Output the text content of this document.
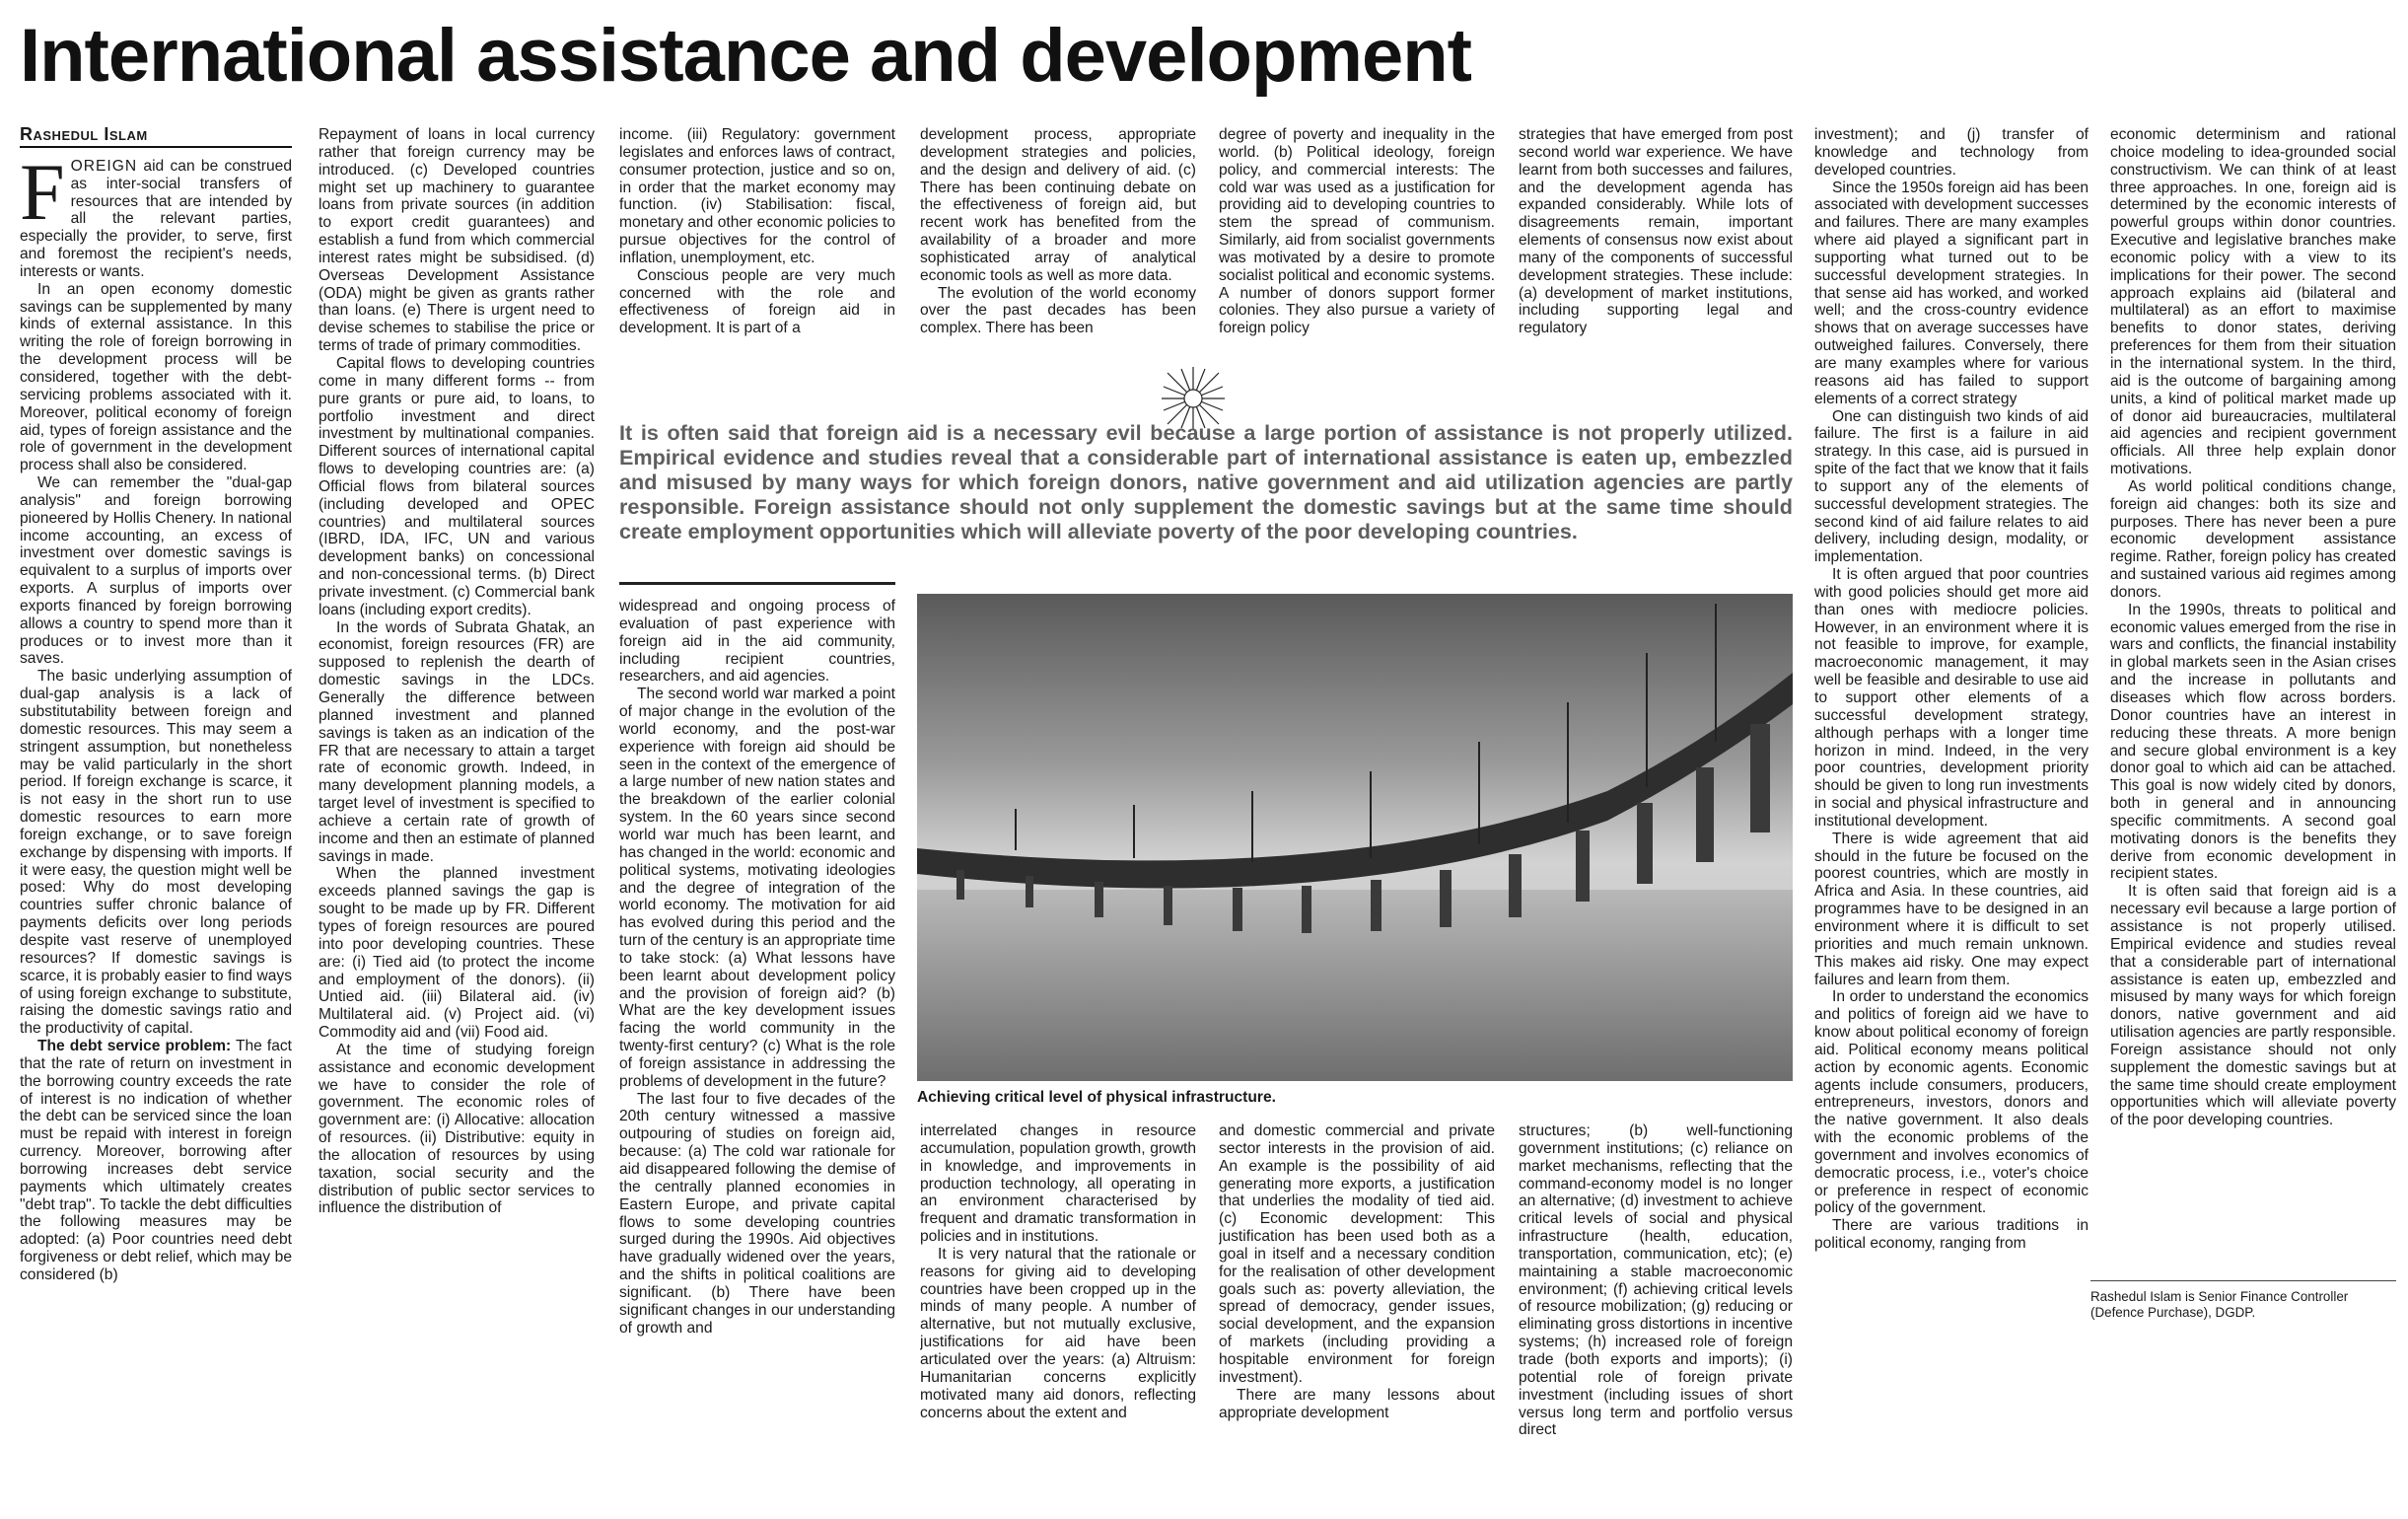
International assistance and development
Rashedul Islam

FOREIGN aid can be construed as inter-social transfers of resources that are intended by all the relevant parties, especially the provider, to serve, first and foremost the recipient's needs, interests or wants.

In an open economy domestic savings can be supplemented by many kinds of external assistance. In this writing the role of foreign borrowing in the development process will be considered, together with the debt-servicing problems associated with it. Moreover, political economy of foreign aid, types of foreign assistance and the role of government in the development process shall also be considered.

We can remember the "dual-gap analysis" and foreign borrowing pioneered by Hollis Chenery. In national income accounting, an excess of investment over domestic savings is equivalent to a surplus of imports over exports. A surplus of imports over exports financed by foreign borrowing allows a country to spend more than it produces or to invest more than it saves.

The basic underlying assumption of dual-gap analysis is a lack of substitutability between foreign and domestic resources. This may seem a stringent assumption, but nonetheless may be valid particularly in the short period. If foreign exchange is scarce, it is not easy in the short run to use domestic resources to earn more foreign exchange, or to save foreign exchange by dispensing with imports. If it were easy, the question might well be posed: Why do most developing countries suffer chronic balance of payments deficits over long periods despite vast reserve of unemployed resources? If domestic savings is scarce, it is probably easier to find ways of using foreign exchange to substitute, raising the domestic savings ratio and the productivity of capital.

The debt service problem: The fact that the rate of return on investment in the borrowing country exceeds the rate of interest is no indication of whether the debt can be serviced since the loan must be repaid with interest in foreign currency. Moreover, borrowing after borrowing increases debt service payments which ultimately creates "debt trap". To tackle the debt difficulties the following measures may be adopted: (a) Poor countries need debt forgiveness or debt relief, which may be considered (b)

Repayment of loans in local currency rather that foreign currency may be introduced. (c) Developed countries might set up machinery to guarantee loans from private sources (in addition to export credit guarantees) and establish a fund from which commercial interest rates might be subsidised. (d) Overseas Development Assistance (ODA) might be given as grants rather than loans. (e) There is urgent need to devise schemes to stabilise the price or terms of trade of primary commodities.

Capital flows to developing countries come in many different forms -- from pure grants or pure aid, to loans, to portfolio investment and direct investment by multinational companies. Different sources of international capital flows to developing countries are: (a) Official flows from bilateral sources (including developed and OPEC countries) and multilateral sources (IBRD, IDA, IFC, UN and various development banks) on concessional and non-concessional terms. (b) Direct private investment. (c) Commercial bank loans (including export credits).

In the words of Subrata Ghatak, an economist, foreign resources (FR) are supposed to replenish the dearth of domestic savings in the LDCs. Generally the difference between planned investment and planned savings is taken as an indication of the FR that are necessary to attain a target rate of economic growth. Indeed, in many development planning models, a target level of investment is specified to achieve a certain rate of growth of income and then an estimate of planned savings in made.

When the planned investment exceeds planned savings the gap is sought to be made up by FR. Different types of foreign resources are poured into poor developing countries. These are: (i) Tied aid (to protect the income and employment of the donors). (ii) Untied aid. (iii) Bilateral aid. (iv) Multilateral aid. (v) Project aid. (vi) Commodity aid and (vii) Food aid.

At the time of studying foreign assistance and economic development we have to consider the role of government. The economic roles of government are: (i) Allocative: allocation of resources. (ii) Distributive: equity in the allocation of resources by using taxation, social security and the distribution of public sector services to influence the distribution of

income. (iii) Regulatory: government legislates and enforces laws of contract, consumer protection, justice and so on, in order that the market economy may function. (iv) Stabilisation: fiscal, monetary and other economic policies to pursue objectives for the control of inflation, unemployment, etc.

Conscious people are very much concerned with the role and effectiveness of foreign aid in development. It is part of a

development process, appropriate development strategies and policies, and the design and delivery of aid. (c) There has been continuing debate on the effectiveness of foreign aid, but recent work has benefited from the availability of a broader and more sophisticated array of analytical economic tools as well as more data.

The evolution of the world economy over the past decades has been complex. There has been

degree of poverty and inequality in the world. (b) Political ideology, foreign policy, and commercial interests: The cold war was used as a justification for providing aid to developing countries to stem the spread of communism. Similarly, aid from socialist governments was motivated by a desire to promote socialist political and economic systems. A number of donors support former colonies. They also pursue a variety of foreign policy

strategies that have emerged from post second world war experience. We have learnt from both successes and failures, and the development agenda has expanded considerably. While lots of disagreements remain, important elements of consensus now exist about many of the components of successful development strategies. These include: (a) development of market institutions, including supporting legal and regulatory

It is often said that foreign aid is a necessary evil because a large portion of assistance is not properly utilized. Empirical evidence and studies reveal that a considerable part of international assistance is eaten up, embezzled and misused by many ways for which foreign donors, native government and aid utilization agencies are partly responsible. Foreign assistance should not only supplement the domestic savings but at the same time should create employment opportunities which will alleviate poverty of the poor developing countries.

widespread and ongoing process of evaluation of past experience with foreign aid in the aid community, including recipient countries, researchers, and aid agencies.

The second world war marked a point of major change in the evolution of the world economy, and the post-war experience with foreign aid should be seen in the context of the emergence of a large number of new nation states and the breakdown of the earlier colonial system. In the 60 years since second world war much has been learnt, and has changed in the world: economic and political systems, motivating ideologies and the degree of integration of the world economy. The motivation for aid has evolved during this period and the turn of the century is an appropriate time to take stock: (a) What lessons have been learnt about development policy and the provision of foreign aid? (b) What are the key development issues facing the world community in the twenty-first century? (c) What is the role of foreign assistance in addressing the problems of development in the future?

The last four to five decades of the 20th century witnessed a massive outpouring of studies on foreign aid, because: (a) The cold war rationale for aid disappeared following the demise of the centrally planned economies in Eastern Europe, and private capital flows to some developing countries surged during the 1990s. Aid objectives have gradually widened over the years, and the shifts in political coalitions are significant. (b) There have been significant changes in our understanding of growth and

Achieving critical level of physical infrastructure.

interrelated changes in resource accumulation, population growth, growth in knowledge, and improvements in production technology, all operating in an environment characterised by frequent and dramatic transformation in policies and in institutions.

It is very natural that the rationale or reasons for giving aid to developing countries have been cropped up in the minds of many people. A number of alternative, but not mutually exclusive, justifications for aid have been articulated over the years: (a) Altruism: Humanitarian concerns explicitly motivated many aid donors, reflecting concerns about the extent and

and domestic commercial and private sector interests in the provision of aid. An example is the possibility of aid generating more exports, a justification that underlies the modality of tied aid. (c) Economic development: This justification has been used both as a goal in itself and a necessary condition for the realisation of other development goals such as: poverty alleviation, the spread of democracy, gender issues, social development, and the expansion of markets (including providing a hospitable environment for foreign investment).

There are many lessons about appropriate development

structures; (b) well-functioning government institutions; (c) reliance on market mechanisms, reflecting that the command-economy model is no longer an alternative; (d) investment to achieve critical levels of social and physical infrastructure (health, education, transportation, communication, etc); (e) maintaining a stable macroeconomic environment; (f) achieving critical levels of resource mobilization; (g) reducing or eliminating gross distortions in incentive systems; (h) increased role of foreign trade (both exports and imports); (i) potential role of foreign private investment (including issues of short versus long term and portfolio versus direct

investment); and (j) transfer of knowledge and technology from developed countries.

Since the 1950s foreign aid has been associated with development successes and failures. There are many examples where aid played a significant part in supporting what turned out to be successful development strategies. In that sense aid has worked, and worked well; and the cross-country evidence shows that on average successes have outweighed failures. Conversely, there are many examples where for various reasons aid has failed to support elements of a correct strategy

One can distinguish two kinds of aid failure. The first is a failure in aid strategy. In this case, aid is pursued in spite of the fact that we know that it fails to support any of the elements of successful development strategies. The second kind of aid failure relates to aid delivery, including design, modality, or implementation.

It is often argued that poor countries with good policies should get more aid than ones with mediocre policies. However, in an environment where it is not feasible to improve, for example, macroeconomic management, it may well be feasible and desirable to use aid to support other elements of a successful development strategy, although perhaps with a longer time horizon in mind. Indeed, in the very poor countries, development priority should be given to long run investments in social and physical infrastructure and institutional development.

There is wide agreement that aid should in the future be focused on the poorest countries, which are mostly in Africa and Asia. In these countries, aid programmes have to be designed in an environment where it is difficult to set priorities and much remain unknown. This makes aid risky. One may expect failures and learn from them.

In order to understand the economics and politics of foreign aid we have to know about political economy of foreign aid. Political economy means political action by economic agents. Economic agents include consumers, producers, entrepreneurs, investors, donors and the native government. It also deals with the economic problems of the government and involves economics of democratic process, i.e., voter's choice or preference in respect of economic policy of the government.

There are various traditions in political economy, ranging from

economic determinism and rational choice modeling to idea-grounded social constructivism. We can think of at least three approaches. In one, foreign aid is determined by the economic interests of powerful groups within donor countries. Executive and legislative branches make economic policy with a view to its implications for their power. The second approach explains aid (bilateral and multilateral) as an effort to maximise benefits to donor states, deriving preferences for them from their situation in the international system. In the third, aid is the outcome of bargaining among units, a kind of political market made up of donor aid bureaucracies, multilateral aid agencies and recipient government officials. All three help explain donor motivations.

As world political conditions change, foreign aid changes: both its size and purposes. There has never been a pure economic development assistance regime. Rather, foreign policy has created and sustained various aid regimes among donors.

In the 1990s, threats to political and economic values emerged from the rise in wars and conflicts, the financial instability in global markets seen in the Asian crises and the increase in pollutants and diseases which flow across borders. Donor countries have an interest in reducing these threats. A more benign and secure global environment is a key donor goal to which aid can be attached. This goal is now widely cited by donors, both in general and in announcing specific commitments. A second goal motivating donors is the benefits they derive from economic development in recipient states.

It is often said that foreign aid is a necessary evil because a large portion of assistance is not properly utilised. Empirical evidence and studies reveal that a considerable part of international assistance is eaten up, embezzled and misused by many ways for which foreign donors, native government and aid utilisation agencies are partly responsible. Foreign assistance should not only supplement the domestic savings but at the same time should create employment opportunities which will alleviate poverty of the poor developing countries.

Rashedul Islam is Senior Finance Controller (Defence Purchase), DGDP.
